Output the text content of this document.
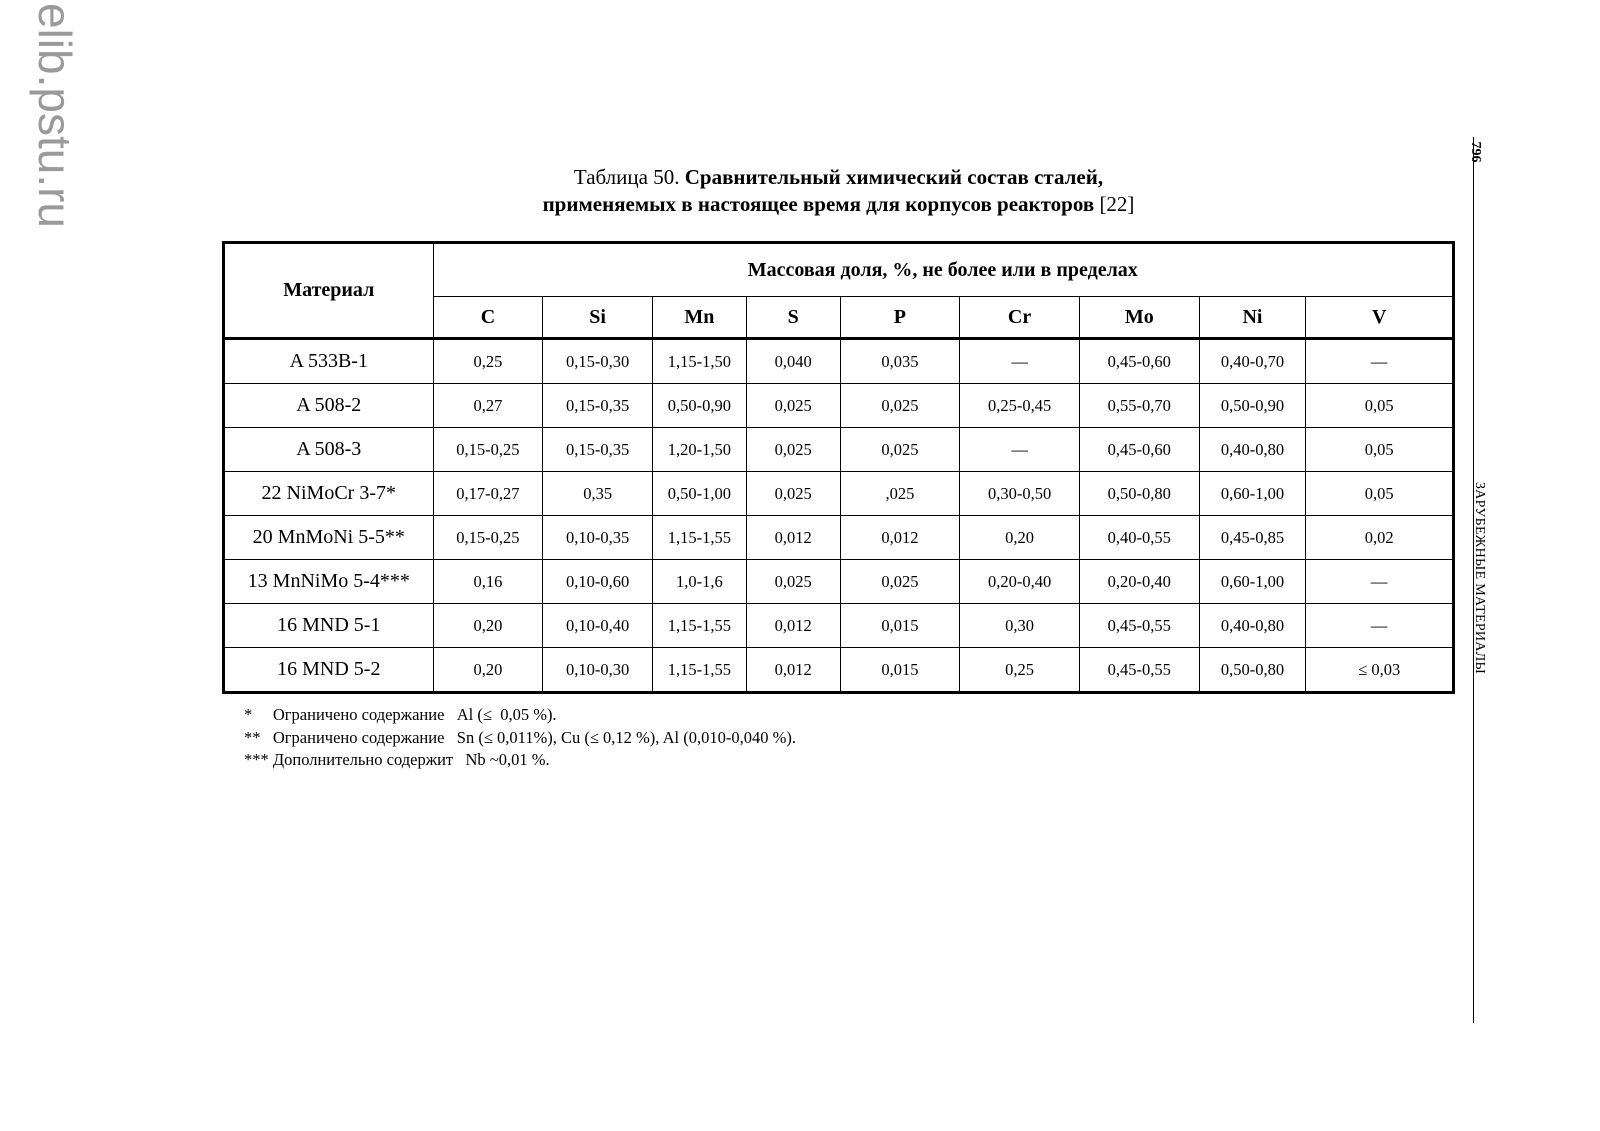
elib.pstu.ru	Таблица 50. Сравнительный химический состав сталей,
применяемых в настоящее время для корпусов реакторов [22]
Материал	Массовая доля, %, не более или в пределах								
	C	Si	Mn	S	P	Cr	Mo	Ni	V
A 533B-1	0,25	0,15-0,30	1,15-1,50	0,040	0,035	—	0,45-0,60	0,40-0,70	—
A 508-2	0,27	0,15-0,35	0,50-0,90	0,025	0,025	0,25-0,45	0,55-0,70	0,50-0,90	0,05
A 508-3	0,15-0,25	0,15-0,35	1,20-1,50	0,025	0,025	—	0,45-0,60	0,40-0,80	0,05
22 NiMoCr 3-7*	0,17-0,27	0,35	0,50-1,00	0,025	,025	0,30-0,50	0,50-0,80	0,60-1,00	0,05
20 MnMoNi 5-5**	0,15-0,25	0,10-0,35	1,15-1,55	0,012	0,012	0,20	0,40-0,55	0,45-0,85	0,02
13 MnNiMo 5-4***	0,16	0,10-0,60	1,0-1,6	0,025	0,025	0,20-0,40	0,20-0,40	0,60-1,00	—
16 MND 5-1	0,20	0,10-0,40	1,15-1,55	0,012	0,015	0,30	0,45-0,55	0,40-0,80	—
16 MND 5-2	0,20	0,10-0,30	1,15-1,55	0,012	0,015	0,25	0,45-0,55	0,50-0,80	≤ 0,03
*     Ограничено содержание   Al (≤  0,05 %).
**   Ограничено содержание   Sn (≤ 0,011%), Cu (≤ 0,12 %), Al (0,010-0,040 %).
*** Дополнительно содержит   Nb ~0,01 %.
796
ЗАРУБЕЖНЫЕ МАТЕРИАЛЫ
